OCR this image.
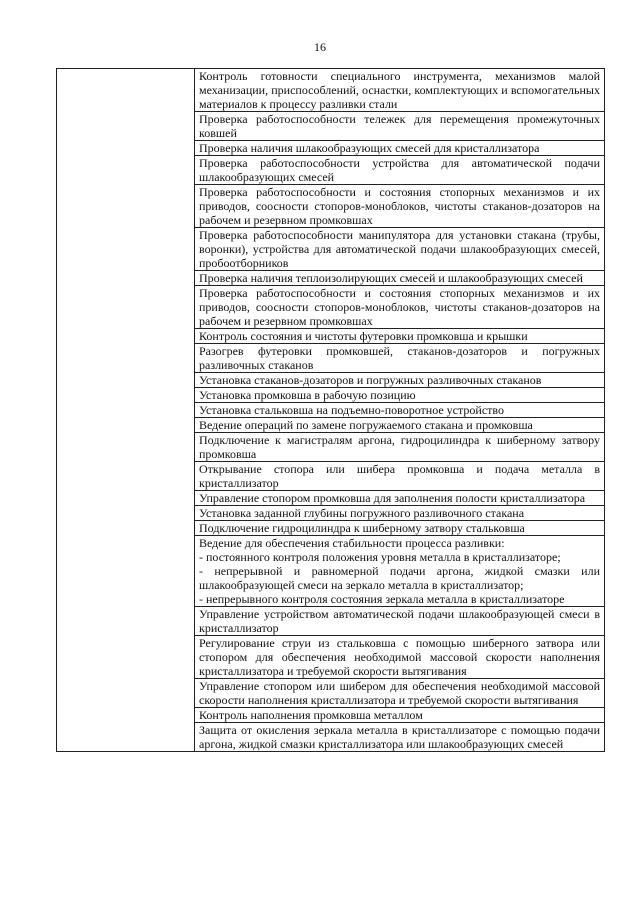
16

Контроль готовности специального инструмента, механизмов малой механизации, приспособлений, оснастки, комплектующих и вспомогательных материалов к процессу разливки стали

Проверка работоспособности тележек для перемещения промежуточных ковшей

Проверка наличия шлакообразующих смесей для кристаллизатора

Проверка работоспособности устройства для автоматической подачи шлакообразующих смесей

Проверка работоспособности и состояния стопорных механизмов и их приводов, соосности стопоров-моноблоков, чистоты стаканов-дозаторов на рабочем и резервном промковшах

Проверка работоспособности манипулятора для установки стакана (трубы, воронки), устройства для автоматической подачи шлакообразующих смесей, пробоотборников

Проверка наличия теплоизолирующих смесей и шлакообразующих смесей

Проверка работоспособности и состояния стопорных механизмов и их приводов, соосности стопоров-моноблоков, чистоты стаканов-дозаторов на рабочем и резервном промковшах

Контроль состояния и чистоты футеровки промковша и крышки

Разогрев футеровки промковшей, стаканов-дозаторов и погружных разливочных стаканов

Установка стаканов-дозаторов и погружных разливочных стаканов

Установка промковша в рабочую позицию

Установка стальковша на подъемно-поворотное устройство

Ведение операций по замене погружаемого стакана и промковша

Подключение к магистралям аргона, гидроцилиндра к шиберному затвору промковша

Открывание стопора или шибера промковша и подача металла в кристаллизатор

Управление стопором промковша для заполнения полости кристаллизатора

Установка заданной глубины погружного разливочного стакана

Подключение гидроцилиндра к шиберному затвору стальковша

Ведение для обеспечения стабильности процесса разливки:
- постоянного контроля положения уровня металла в кристаллизаторе;
- непрерывной и равномерной подачи аргона, жидкой смазки или шлакообразующей смеси на зеркало металла в кристаллизатор;
- непрерывного контроля состояния зеркала металла в кристаллизаторе

Управление устройством автоматической подачи шлакообразующей смеси в кристаллизатор

Регулирование струи из стальковша с помощью шиберного затвора или стопором для обеспечения необходимой массовой скорости наполнения кристаллизатора и требуемой скорости вытягивания

Управление стопором или шибером для обеспечения необходимой массовой скорости наполнения кристаллизатора и требуемой скорости вытягивания

Контроль наполнения промковша металлом

Защита от окисления зеркала металла в кристаллизаторе с помощью подачи аргона, жидкой смазки кристаллизатора или шлакообразующих смесей
